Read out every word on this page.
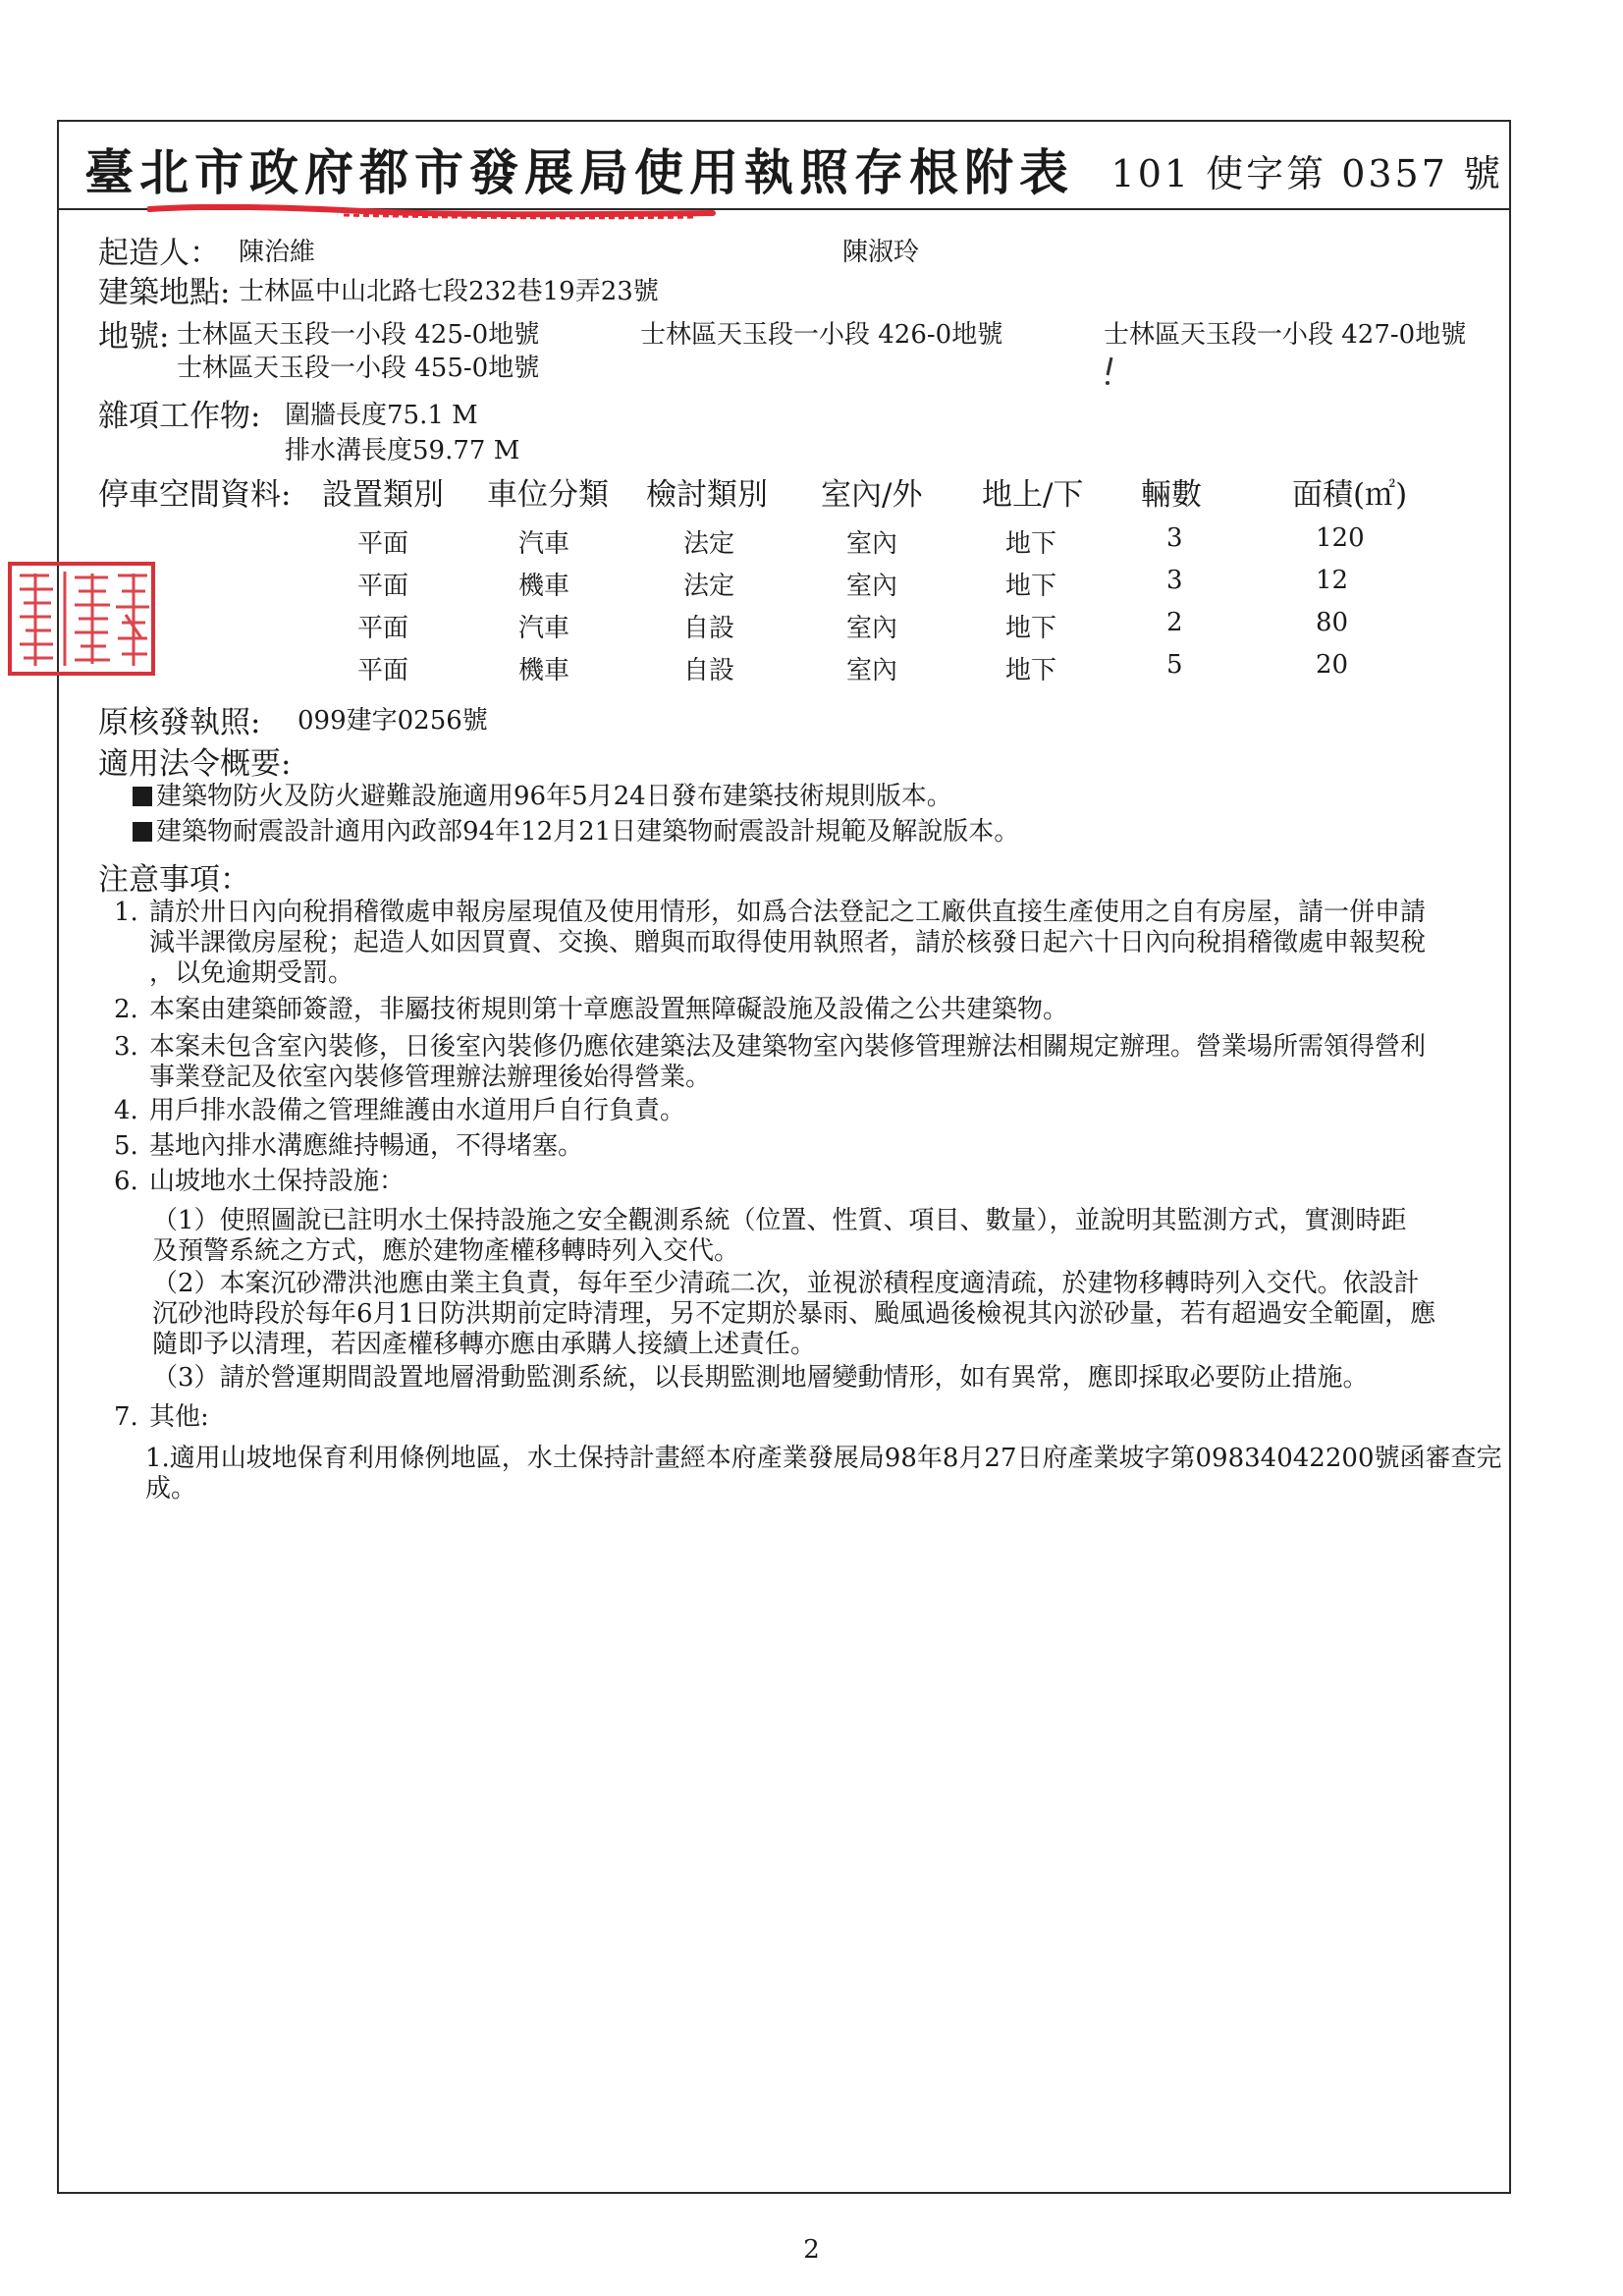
臺北市政府都市發展局使用執照存根附表 101 使字第 0357 號
起造人： 陳治維	陳淑玲
建築地點: 士林區中山北路七段232巷19弄23號
地號: 士林區天玉段一小段 425-0地號	士林區天玉段一小段 426-0地號	士林區天玉段一小段 427-0地號
士林區天玉段一小段 455-0地號
雜項工作物: 圍牆長度75.1 M
排水溝長度59.77 M
停車空間資料: 設置類別 車位分類 檢討類別 室內/外 地上/下 輛數	面積(㎡)
平面	汽車	法定	室內	地下	3	120
平面	機車	法定	室內	地下	3	12
平面	汽車	自設	室內	地下	2	80
平面	機車	自設	室內	地下	5	20
原核發執照: 099建字0256號
適用法令概要:
建築物防火及防火避難設施適用96年5月24日發布建築技術規則版本。
建築物耐震設計適用內政部94年12月21日建築物耐震設計規範及解說版本。
注意事項：
1. 請於卅日內向稅捐稽徵處申報房屋現值及使用情形，如爲合法登記之工廠供直接生產使用之自有房屋，請一併申請
減半課徵房屋稅；起造人如因買賣、交換、贈與而取得使用執照者，請於核發日起六十日內向稅捐稽徵處申報契稅
，以免逾期受罰。
2. 本案由建築師簽證，非屬技術規則第十章應設置無障礙設施及設備之公共建築物。
3. 本案未包含室內裝修，日後室內裝修仍應依建築法及建築物室內裝修管理辦法相關規定辦理。營業場所需領得營利
事業登記及依室內裝修管理辦法辦理後始得營業。
4. 用戶排水設備之管理維護由水道用戶自行負責。
5. 基地內排水溝應維持暢通，不得堵塞。
6. 山坡地水土保持設施：
（1）使照圖說已註明水土保持設施之安全觀測系統（位置、性質、項目、數量），並說明其監測方式，實測時距
及預警系統之方式，應於建物產權移轉時列入交代。
（2）本案沉砂滯洪池應由業主負責，每年至少清疏二次，並視淤積程度適清疏，於建物移轉時列入交代。依設計
沉砂池時段於每年6月1日防洪期前定時清理，另不定期於暴雨、颱風過後檢視其內淤砂量，若有超過安全範圍，應
隨即予以清理，若因產權移轉亦應由承購人接續上述責任。
（3）請於營運期間設置地層滑動監測系統，以長期監測地層變動情形，如有異常，應即採取必要防止措施。
7. 其他:
1.適用山坡地保育利用條例地區，水土保持計畫經本府產業發展局98年8月27日府產業坡字第09834042200號函審查完
成。
2
